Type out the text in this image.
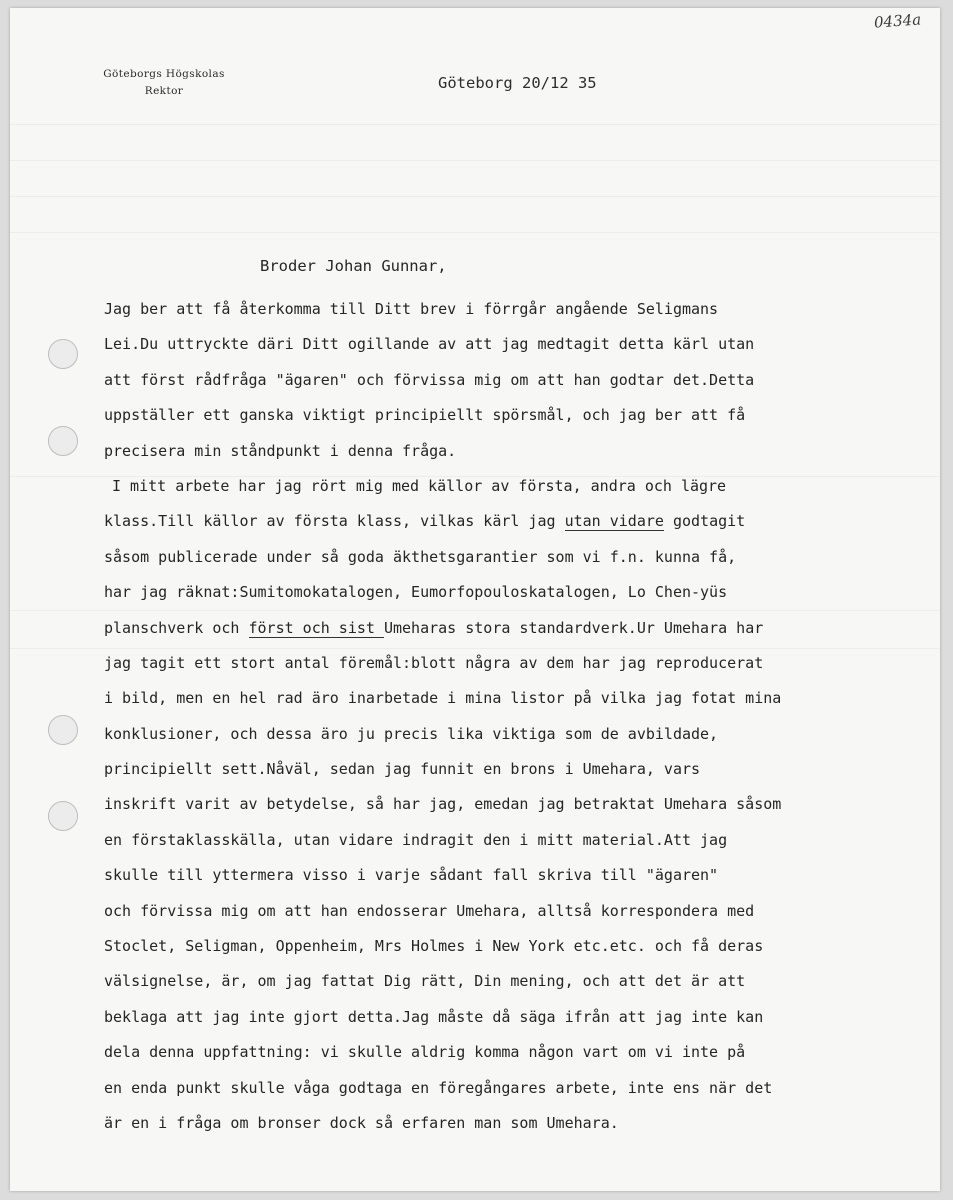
0434a
Göteborgs Högskolas
Rektor	Göteborg 20/12 35
Broder Johan Gunnar,
Jag ber att få återkomma till Ditt brev i förrgår angående Seligmans
Lei.Du uttryckte däri Ditt ogillande av att jag medtagit detta kärl utan
att först rådfråga "ägaren" och förvissa mig om att han godtar det.Detta
uppställer ett ganska viktigt principiellt spörsmål, och jag ber att få
precisera min ståndpunkt i denna fråga.
I mitt arbete har jag rört mig med källor av första, andra och lägre
klass.Till källor av första klass, vilkas kärl jag utan vidare godtagit
såsom publicerade under så goda äkthetsgarantier som vi f.n. kunna få,
har jag räknat:Sumitomokatalogen, Eumorfopouloskatalogen, Lo Chen-yüs
planschverk och först och sist Umeharas stora standardverk.Ur Umehara har
jag tagit ett stort antal föremål:blott några av dem har jag reproducerat
i bild, men en hel rad äro inarbetade i mina listor på vilka jag fotat mina
konklusioner, och dessa äro ju precis lika viktiga som de avbildade,
principiellt sett.Nåväl, sedan jag funnit en brons i Umehara, vars
inskrift varit av betydelse, så har jag, emedan jag betraktat Umehara såsom
en förstaklasskälla, utan vidare indragit den i mitt material.Att jag
skulle till yttermera visso i varje sådant fall skriva till "ägaren"
och förvissa mig om att han endosserar Umehara, alltså korrespondera med
Stoclet, Seligman, Oppenheim, Mrs Holmes i New York etc.etc. och få deras
välsignelse, är, om jag fattat Dig rätt, Din mening, och att det är att
beklaga att jag inte gjort detta.Jag måste då säga ifrån att jag inte kan
dela denna uppfattning: vi skulle aldrig komma någon vart om vi inte på
en enda punkt skulle våga godtaga en föregångares arbete, inte ens när det
är en i fråga om bronser dock så erfaren man som Umehara.
